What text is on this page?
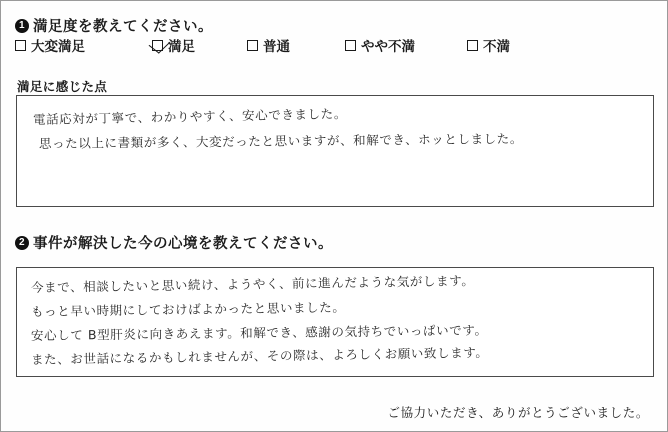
1 満足度を教えてください。
大変満足	満足	普通	やや不満	不満
満足に感じた点
電話応対が丁寧で、わかりやすく、安心できました。
思った以上に書類が多く、大変だったと思いますが、和解でき、ホッとしました。
2 事件が解決した今の心境を教えてください。
今まで、相談したいと思い続け、ようやく、前に進んだような気がします。
もっと早い時期にしておけばよかったと思いました。
安心して B型肝炎に向きあえます。和解でき、感謝の気持ちでいっぱいです。
また、お世話になるかもしれませんが、その際は、よろしくお願い致します。
ご協力いただき、ありがとうございました。
